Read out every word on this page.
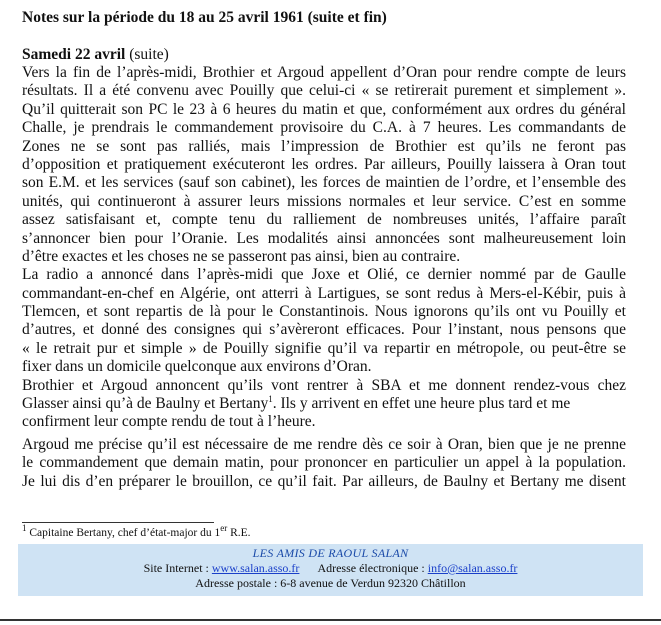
Notes sur la période du 18 au 25 avril 1961 (suite et fin)
Samedi 22 avril (suite)
Vers la fin de l’après-midi, Brothier et Argoud appellent d’Oran pour rendre compte de leurs
résultats. Il a été convenu avec Pouilly que celui-ci « se retirerait purement et simplement ».
Qu’il quitterait son PC le 23 à 6 heures du matin et que, conformément aux ordres du général
Challe, je prendrais le commandement provisoire du C.A. à 7 heures. Les commandants de
Zones ne se sont pas ralliés, mais l’impression de Brothier est qu’ils ne feront pas
d’opposition et pratiquement exécuteront les ordres. Par ailleurs, Pouilly laissera à Oran tout
son E.M. et les services (sauf son cabinet), les forces de maintien de l’ordre, et l’ensemble des
unités, qui continueront à assurer leurs missions normales et leur service. C’est en somme
assez satisfaisant et, compte tenu du ralliement de nombreuses unités, l’affaire paraît
s’annoncer bien pour l’Oranie. Les modalités ainsi annoncées sont malheureusement loin
d’être exactes et les choses ne se passeront pas ainsi, bien au contraire.
La radio a annoncé dans l’après-midi que Joxe et Olié, ce dernier nommé par de Gaulle
commandant-en-chef en Algérie, ont atterri à Lartigues, se sont redus à Mers-el-Kébir, puis à
Tlemcen, et sont repartis de là pour le Constantinois. Nous ignorons qu’ils ont vu Pouilly et
d’autres, et donné des consignes qui s’avèreront efficaces. Pour l’instant, nous pensons que
« le retrait pur et simple » de Pouilly signifie qu’il va repartir en métropole, ou peut-être se
fixer dans un domicile quelconque aux environs d’Oran.
Brothier et Argoud annoncent qu’ils vont rentrer à SBA et me donnent rendez-vous chez
Glasser ainsi qu’à de Baulny et Bertany$^1$. Ils y arrivent en effet une heure plus tard et me
confirment leur compte rendu de tout à l’heure.
Argoud me précise qu’il est nécessaire de me rendre dès ce soir à Oran, bien que je ne prenne
le commandement que demain matin, pour prononcer en particulier un appel à la population.
Je lui dis d’en préparer le brouillon, ce qu’il fait. Par ailleurs, de Baulny et Bertany me disent
$^1$ Capitaine Bertany, chef d’état-major du 1er R.E.
LES AMIS DE RAOUL SALAN
Site Internet : www.salan.asso.fr Adresse électronique : info@salan.asso.fr
Adresse postale : 6-8 avenue de Verdun 92320 Châtillon
